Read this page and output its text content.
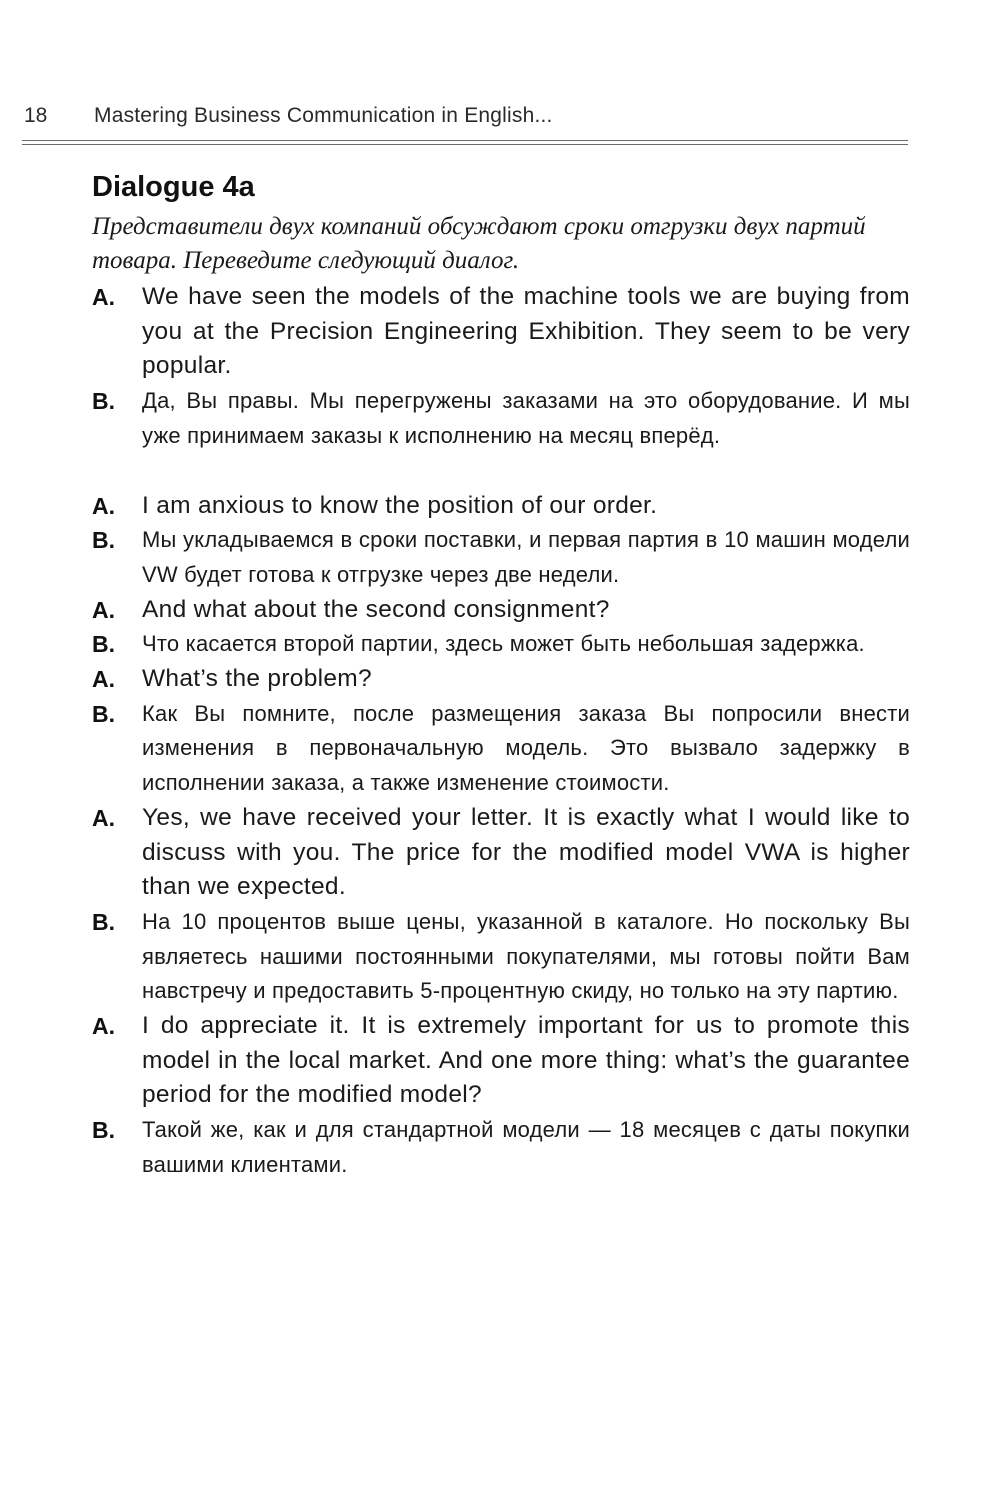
18 Mastering Business Communication in English...
Dialogue 4a

Представители двух компаний обсуждают сроки отгрузки двух партий товара. Переведите следующий диалог.

A.	We have seen the models of the machine tools we are buying from you at the Precision Engineering Exhibition. They seem to be very popular.
B.	Да, Вы правы. Мы перегружены заказами на это оборудование. И мы уже принимаем заказы к исполнению на месяц вперёд.
A.	I am anxious to know the position of our order.
B.	Мы укладываемся в сроки поставки, и первая партия в 10 машин модели VW будет готова к отгрузке через две недели.
A.	And what about the second consignment?
B.	Что касается второй партии, здесь может быть небольшая задержка.
A.	What’s the problem?
B.	Как Вы помните, после размещения заказа Вы попросили внести изменения в первоначальную модель. Это вызвало задержку в исполнении заказа, а также изменение стоимости.
A.	Yes, we have received your letter. It is exactly what I would like to discuss with you. The price for the modified model VWA is higher than we expected.
B.	На 10 процентов выше цены, указанной в каталоге. Но поскольку Вы являетесь нашими постоянными покупателями, мы готовы пойти Вам навстречу и предоставить 5-процентную скиду, но только на эту партию.
A.	I do appreciate it. It is extremely important for us to promote this model in the local market. And one more thing: what’s the guarantee period for the modified model?
B.	Такой же, как и для стандартной модели — 18 месяцев с даты покупки вашими клиентами.
